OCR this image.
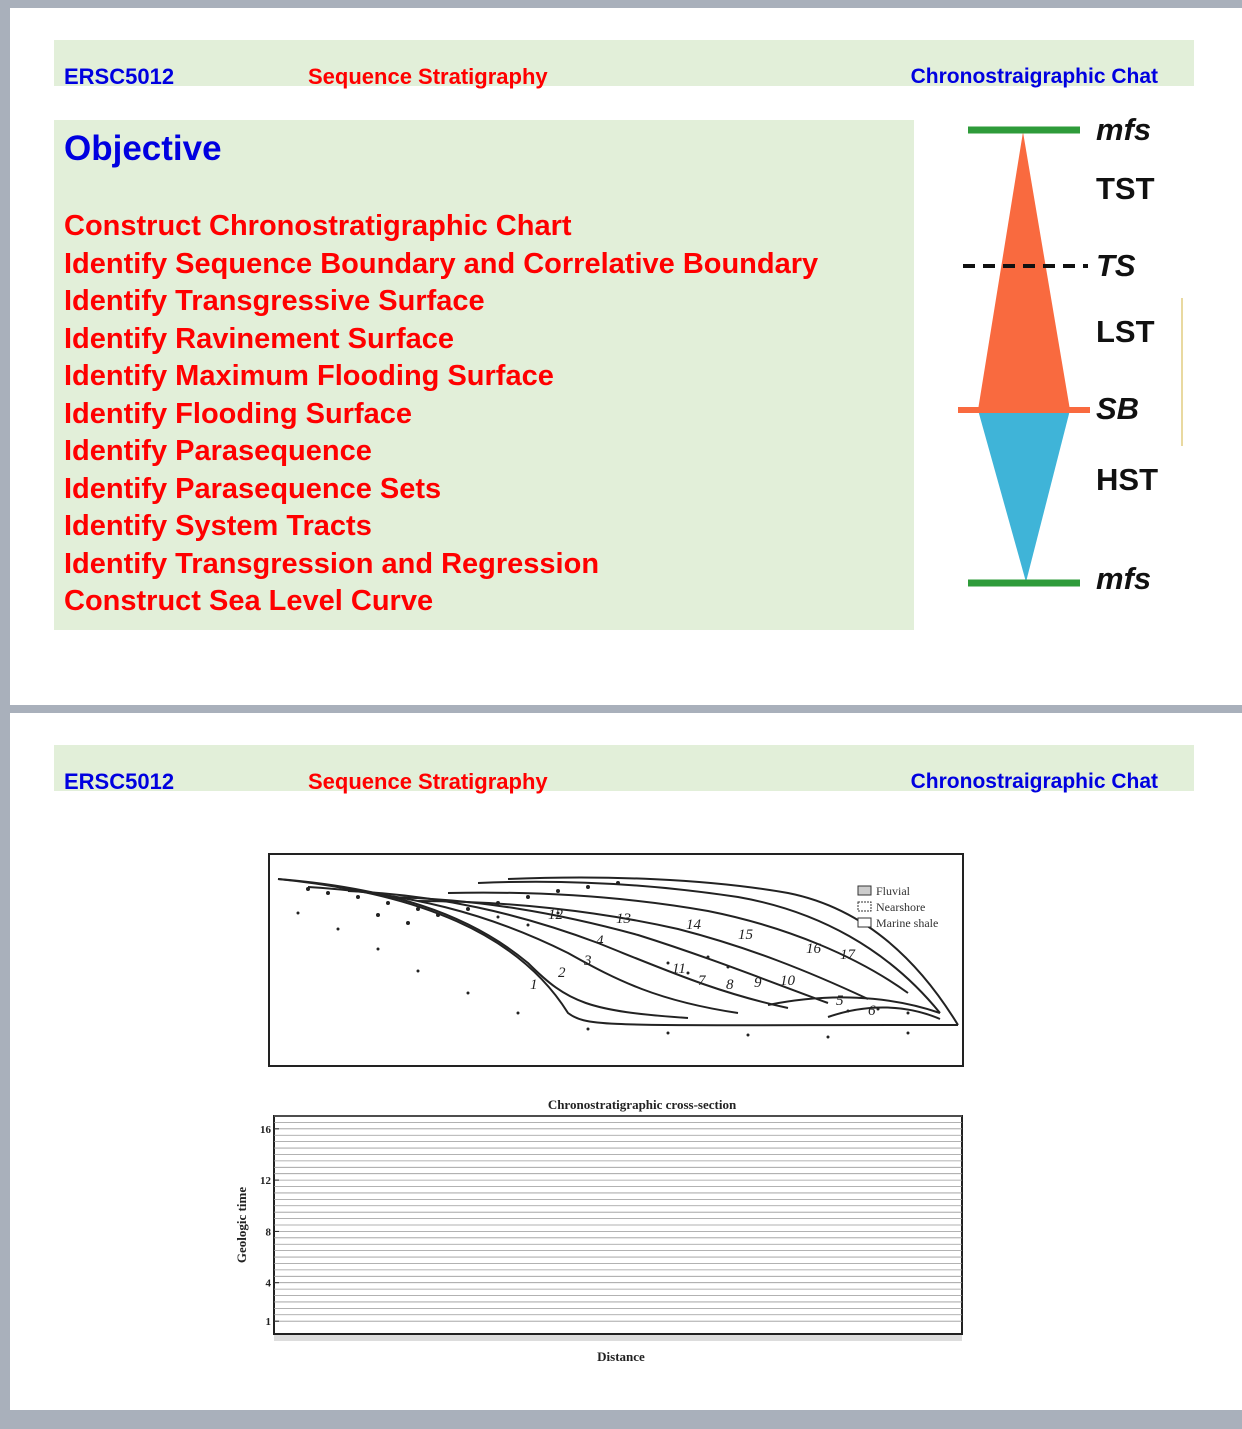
ERSC5012	Sequence Stratigraphy	Chronostraigraphic Chat
Objective
Construct Chronostratigraphic Chart
Identify Sequence Boundary and Correlative Boundary
Identify Transgressive Surface
Identify Ravinement Surface
Identify Maximum Flooding Surface
Identify Flooding Surface
Identify Parasequence
Identify Parasequence Sets
Identify System Tracts
Identify Transgression and Regression
Construct Sea Level Curve
mfs
TST
TS
LST
SB
HST
mfs
ERSC5012	Sequence Stratigraphy	Chronostraigraphic Chat
1
2
3
4
5
6
7 8 9 10
11
12	13	14
15
16 17
Fluvial
Nearshore
Marine shale
Chronostratigraphic cross-section
16
12
8
4
1
Distance
Geologic time
